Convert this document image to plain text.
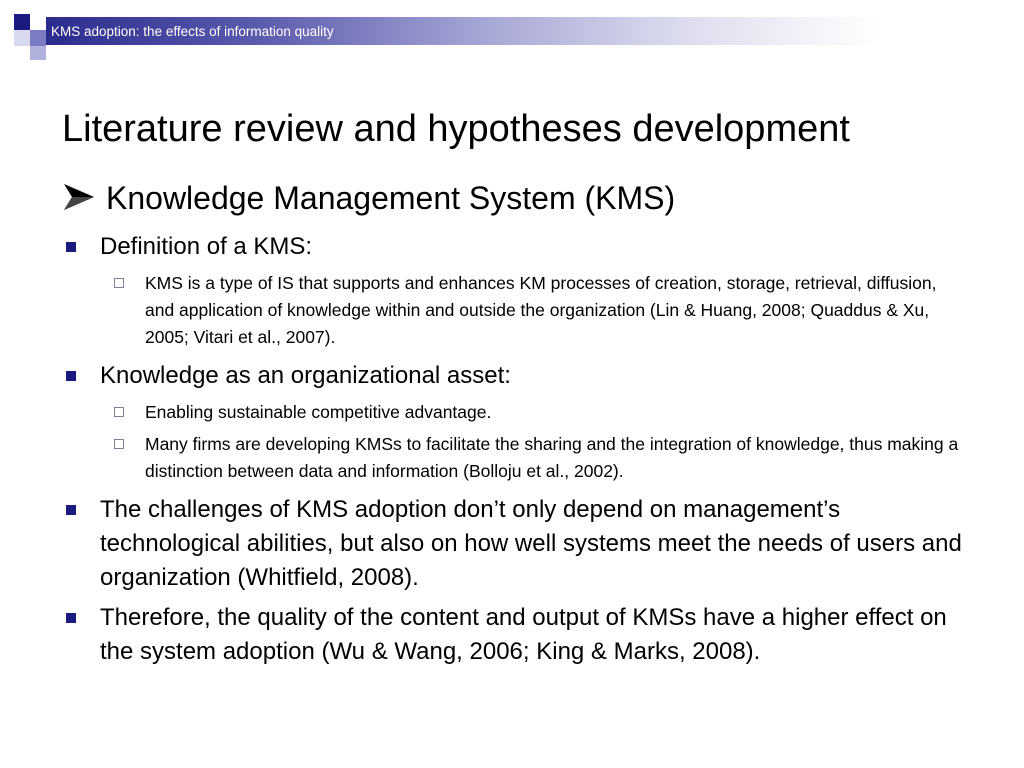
KMS adoption: the effects of information quality
Literature review and hypotheses development
Knowledge Management System (KMS)
Definition of a KMS:
KMS is a type of IS that supports and enhances KM processes of creation, storage, retrieval, diffusion, and application of knowledge within and outside the organization (Lin & Huang, 2008; Quaddus & Xu, 2005; Vitari et al., 2007).
Knowledge as an organizational asset:
Enabling sustainable competitive advantage.
Many firms are developing KMSs to facilitate the sharing and the integration of knowledge, thus making a distinction between data and information (Bolloju et al., 2002).
The challenges of KMS adoption don’t only depend on management’s technological abilities, but also on how well systems meet the needs of users and organization (Whitfield, 2008).
Therefore, the quality of the content and output of KMSs have a higher effect on the system adoption (Wu & Wang, 2006; King & Marks, 2008).
